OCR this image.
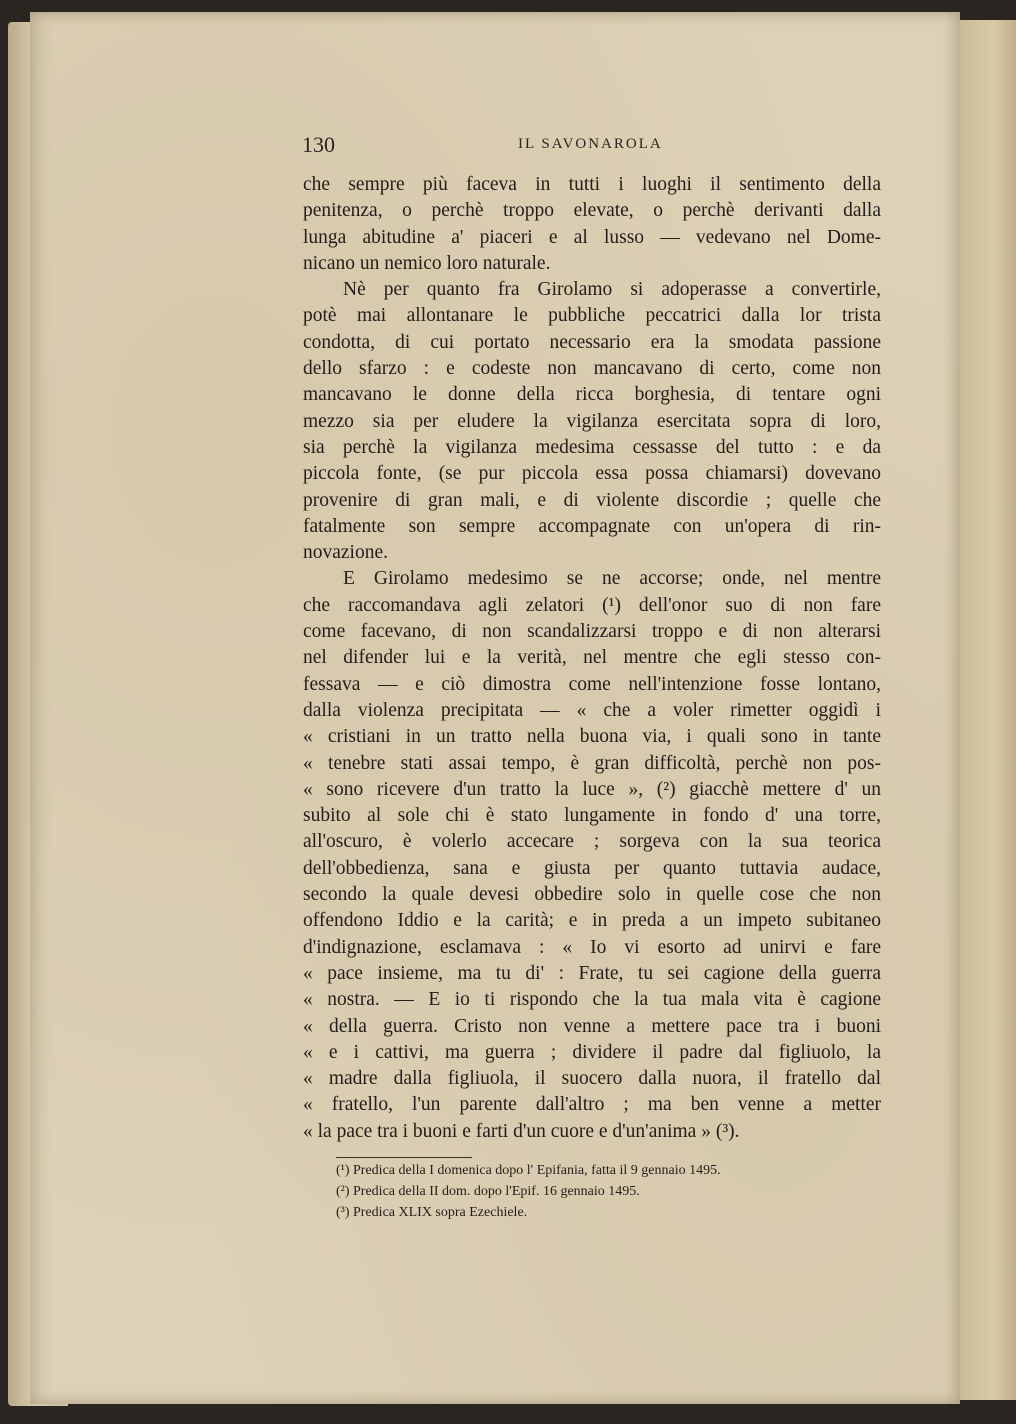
130	IL SAVONAROLA
che sempre più faceva in tutti i luoghi il sentimento della
penitenza, o perchè troppo elevate, o perchè derivanti dalla
lunga abitudine a' piaceri e al lusso — vedevano nel Dome-
nicano un nemico loro naturale.
Nè per quanto fra Girolamo si adoperasse a convertirle,
potè mai allontanare le pubbliche peccatrici dalla lor trista
condotta, di cui portato necessario era la smodata passione
dello sfarzo : e codeste non mancavano di certo, come non
mancavano le donne della ricca borghesia, di tentare ogni
mezzo sia per eludere la vigilanza esercitata sopra di loro,
sia perchè la vigilanza medesima cessasse del tutto : e da
piccola fonte, (se pur piccola essa possa chiamarsi) dovevano
provenire di gran mali, e di violente discordie ; quelle che
fatalmente son sempre accompagnate con un'opera di rin-
novazione.
E Girolamo medesimo se ne accorse; onde, nel mentre
che raccomandava agli zelatori (¹) dell'onor suo di non fare
come facevano, di non scandalizzarsi troppo e di non alterarsi
nel difender lui e la verità, nel mentre che egli stesso con-
fessava — e ciò dimostra come nell'intenzione fosse lontano,
dalla violenza precipitata — « che a voler rimetter oggidì i
« cristiani in un tratto nella buona via, i quali sono in tante
« tenebre stati assai tempo, è gran difficoltà, perchè non pos-
« sono ricevere d'un tratto la luce », (²) giacchè mettere d' un
subito al sole chi è stato lungamente in fondo d' una torre,
all'oscuro, è volerlo accecare ; sorgeva con la sua teorica
dell'obbedienza, sana e giusta per quanto tuttavia audace,
secondo la quale devesi obbedire solo in quelle cose che non
offendono Iddio e la carità; e in preda a un impeto subitaneo
d'indignazione, esclamava : « Io vi esorto ad unirvi e fare
« pace insieme, ma tu di' : Frate, tu sei cagione della guerra
« nostra. — E io ti rispondo che la tua mala vita è cagione
« della guerra. Cristo non venne a mettere pace tra i buoni
« e i cattivi, ma guerra ; dividere il padre dal figliuolo, la
« madre dalla figliuola, il suocero dalla nuora, il fratello dal
« fratello, l'un parente dall'altro ; ma ben venne a metter
« la pace tra i buoni e farti d'un cuore e d'un'anima » (³).
(¹) Predica della I domenica dopo l' Epifania, fatta il 9 gennaio 1495.
(²) Predica della II dom. dopo l'Epif. 16 gennaio 1495.
(³) Predica XLIX sopra Ezechiele.
